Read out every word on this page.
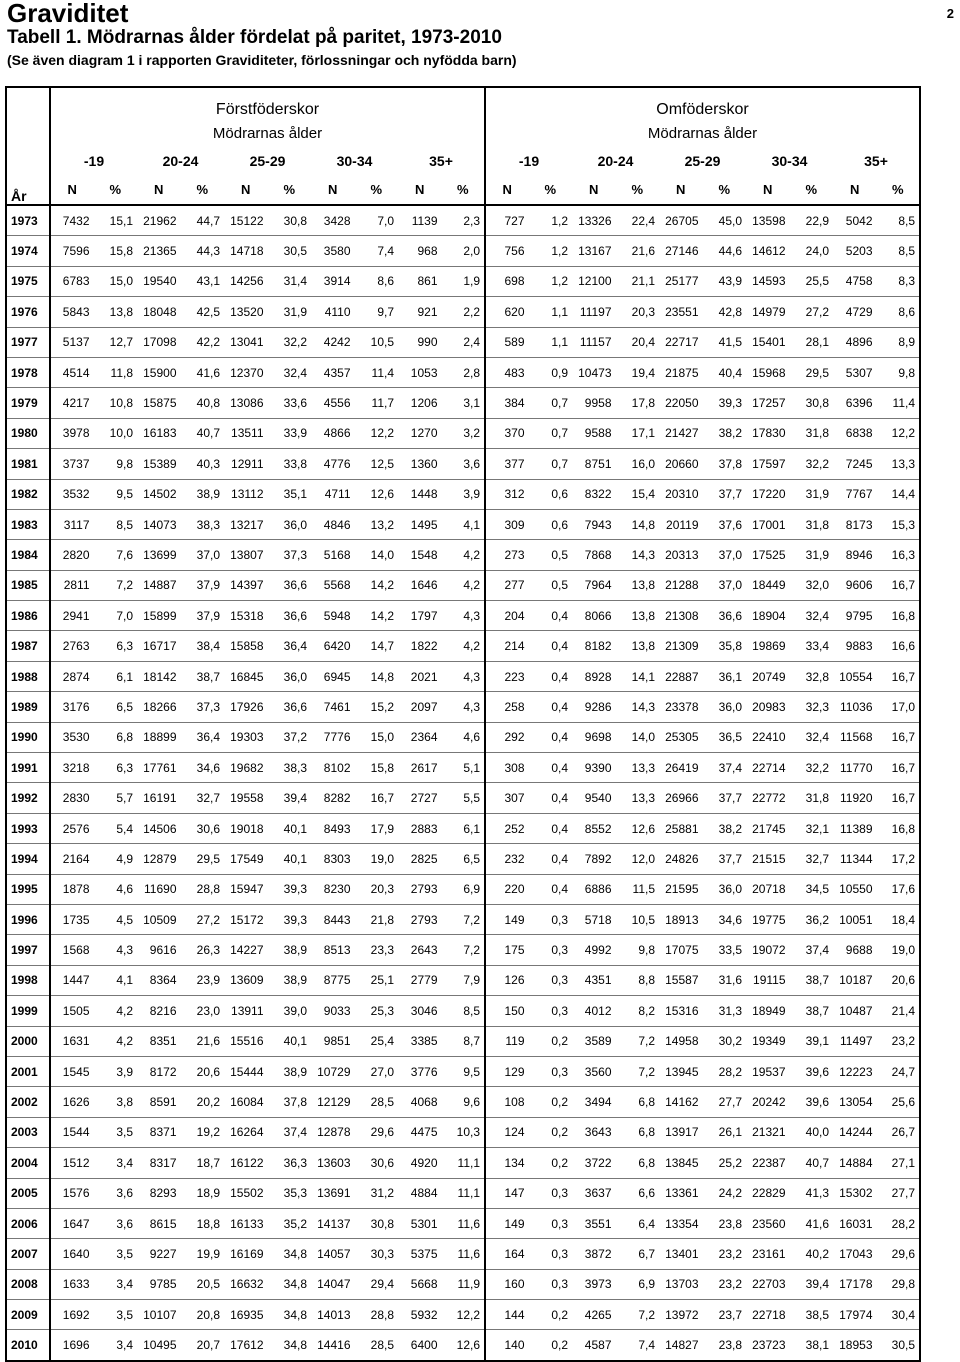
Graviditet	2
Tabell 1. Mödrarnas ålder fördelat på paritet, 1973-2010

(Se även diagram 1 i rapporten Graviditeter, förlossningar och nyfödda barn)

År	Förstföderskor										Omföderskor									
	Mödrarnas ålder										Mödrarnas ålder									
	-19		20-24		25-29		30-34		35+		-19		20-24		25-29		30-34		35+	
	N	%	N	%	N	%	N	%	N	%	N	%	N	%	N	%	N	%	N	%
1973	7432	15,1	21962	44,7	15122	30,8	3428	7,0	1139	2,3	727	1,2	13326	22,4	26705	45,0	13598	22,9	5042	8,5
1974	7596	15,8	21365	44,3	14718	30,5	3580	7,4	968	2,0	756	1,2	13167	21,6	27146	44,6	14612	24,0	5203	8,5
1975	6783	15,0	19540	43,1	14256	31,4	3914	8,6	861	1,9	698	1,2	12100	21,1	25177	43,9	14593	25,5	4758	8,3
1976	5843	13,8	18048	42,5	13520	31,9	4110	9,7	921	2,2	620	1,1	11197	20,3	23551	42,8	14979	27,2	4729	8,6
1977	5137	12,7	17098	42,2	13041	32,2	4242	10,5	990	2,4	589	1,1	11157	20,4	22717	41,5	15401	28,1	4896	8,9
1978	4514	11,8	15900	41,6	12370	32,4	4357	11,4	1053	2,8	483	0,9	10473	19,4	21875	40,4	15968	29,5	5307	9,8
1979	4217	10,8	15875	40,8	13086	33,6	4556	11,7	1206	3,1	384	0,7	9958	17,8	22050	39,3	17257	30,8	6396	11,4
1980	3978	10,0	16183	40,7	13511	33,9	4866	12,2	1270	3,2	370	0,7	9588	17,1	21427	38,2	17830	31,8	6838	12,2
1981	3737	9,8	15389	40,3	12911	33,8	4776	12,5	1360	3,6	377	0,7	8751	16,0	20660	37,8	17597	32,2	7245	13,3
1982	3532	9,5	14502	38,9	13112	35,1	4711	12,6	1448	3,9	312	0,6	8322	15,4	20310	37,7	17220	31,9	7767	14,4
1983	3117	8,5	14073	38,3	13217	36,0	4846	13,2	1495	4,1	309	0,6	7943	14,8	20119	37,6	17001	31,8	8173	15,3
1984	2820	7,6	13699	37,0	13807	37,3	5168	14,0	1548	4,2	273	0,5	7868	14,3	20313	37,0	17525	31,9	8946	16,3
1985	2811	7,2	14887	37,9	14397	36,6	5568	14,2	1646	4,2	277	0,5	7964	13,8	21288	37,0	18449	32,0	9606	16,7
1986	2941	7,0	15899	37,9	15318	36,6	5948	14,2	1797	4,3	204	0,4	8066	13,8	21308	36,6	18904	32,4	9795	16,8
1987	2763	6,3	16717	38,4	15858	36,4	6420	14,7	1822	4,2	214	0,4	8182	13,8	21309	35,8	19869	33,4	9883	16,6
1988	2874	6,1	18142	38,7	16845	36,0	6945	14,8	2021	4,3	223	0,4	8928	14,1	22887	36,1	20749	32,8	10554	16,7
1989	3176	6,5	18266	37,3	17926	36,6	7461	15,2	2097	4,3	258	0,4	9286	14,3	23378	36,0	20983	32,3	11036	17,0
1990	3530	6,8	18899	36,4	19303	37,2	7776	15,0	2364	4,6	292	0,4	9698	14,0	25305	36,5	22410	32,4	11568	16,7
1991	3218	6,3	17761	34,6	19682	38,3	8102	15,8	2617	5,1	308	0,4	9390	13,3	26419	37,4	22714	32,2	11770	16,7
1992	2830	5,7	16191	32,7	19558	39,4	8282	16,7	2727	5,5	307	0,4	9540	13,3	26966	37,7	22772	31,8	11920	16,7
1993	2576	5,4	14506	30,6	19018	40,1	8493	17,9	2883	6,1	252	0,4	8552	12,6	25881	38,2	21745	32,1	11389	16,8
1994	2164	4,9	12879	29,5	17549	40,1	8303	19,0	2825	6,5	232	0,4	7892	12,0	24826	37,7	21515	32,7	11344	17,2
1995	1878	4,6	11690	28,8	15947	39,3	8230	20,3	2793	6,9	220	0,4	6886	11,5	21595	36,0	20718	34,5	10550	17,6
1996	1735	4,5	10509	27,2	15172	39,3	8443	21,8	2793	7,2	149	0,3	5718	10,5	18913	34,6	19775	36,2	10051	18,4
1997	1568	4,3	9616	26,3	14227	38,9	8513	23,3	2643	7,2	175	0,3	4992	9,8	17075	33,5	19072	37,4	9688	19,0
1998	1447	4,1	8364	23,9	13609	38,9	8775	25,1	2779	7,9	126	0,3	4351	8,8	15587	31,6	19115	38,7	10187	20,6
1999	1505	4,2	8216	23,0	13911	39,0	9033	25,3	3046	8,5	150	0,3	4012	8,2	15316	31,3	18949	38,7	10487	21,4
2000	1631	4,2	8351	21,6	15516	40,1	9851	25,4	3385	8,7	119	0,2	3589	7,2	14958	30,2	19349	39,1	11497	23,2
2001	1545	3,9	8172	20,6	15444	38,9	10729	27,0	3776	9,5	129	0,3	3560	7,2	13945	28,2	19537	39,6	12223	24,7
2002	1626	3,8	8591	20,2	16084	37,8	12129	28,5	4068	9,6	108	0,2	3494	6,8	14162	27,7	20242	39,6	13054	25,6
2003	1544	3,5	8371	19,2	16264	37,4	12878	29,6	4475	10,3	124	0,2	3643	6,8	13917	26,1	21321	40,0	14244	26,7
2004	1512	3,4	8317	18,7	16122	36,3	13603	30,6	4920	11,1	134	0,2	3722	6,8	13845	25,2	22387	40,7	14884	27,1
2005	1576	3,6	8293	18,9	15502	35,3	13691	31,2	4884	11,1	147	0,3	3637	6,6	13361	24,2	22829	41,3	15302	27,7
2006	1647	3,6	8615	18,8	16133	35,2	14137	30,8	5301	11,6	149	0,3	3551	6,4	13354	23,8	23560	41,6	16031	28,2
2007	1640	3,5	9227	19,9	16169	34,8	14057	30,3	5375	11,6	164	0,3	3872	6,7	13401	23,2	23161	40,2	17043	29,6
2008	1633	3,4	9785	20,5	16632	34,8	14047	29,4	5668	11,9	160	0,3	3973	6,9	13703	23,2	22703	39,4	17178	29,8
2009	1692	3,5	10107	20,8	16935	34,8	14013	28,8	5932	12,2	144	0,2	4265	7,2	13972	23,7	22718	38,5	17974	30,4
2010	1696	3,4	10495	20,7	17612	34,8	14416	28,5	6400	12,6	140	0,2	4587	7,4	14827	23,8	23723	38,1	18953	30,5
